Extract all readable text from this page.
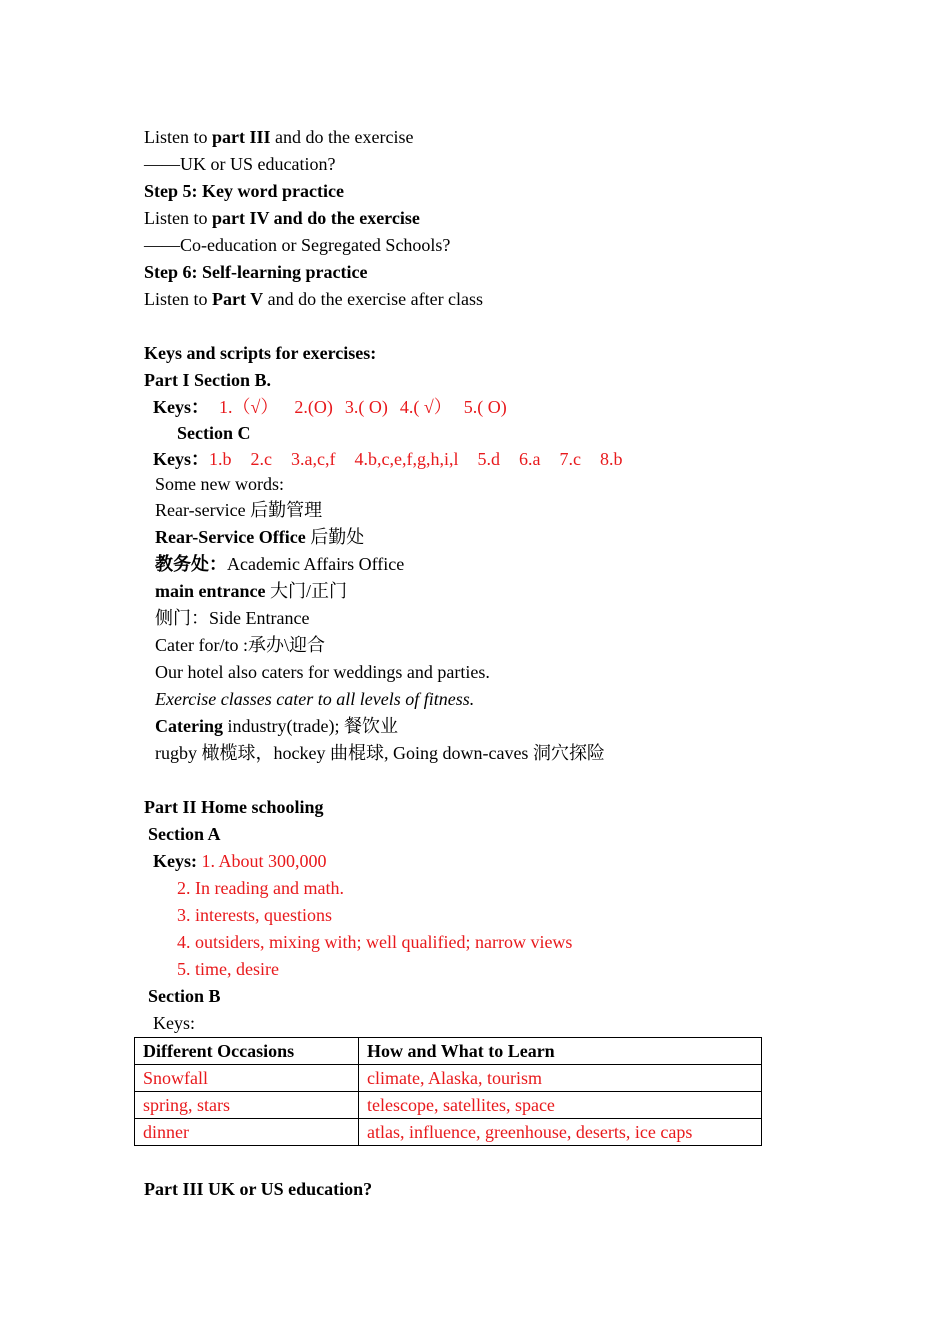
Listen to part III and do the exercise
——UK or US education?
Step 5: Key word practice
Listen to part IV and do the exercise
——Co-education or Segregated Schools?
Step 6: Self-learning practice
Listen to Part V and do the exercise after class
Keys and scripts for exercises:
Part I Section B.
Keys： 1.（√） 2.(O) 3.( O) 4.( √） 5.( O)
Section C
Keys：1.b 2.c 3.a,c,f 4.b,c,e,f,g,h,i,l 5.d 6.a 7.c 8.b
Some new words:
Rear-service 后勤管理
Rear-Service Office 后勤处
教务处：Academic Affairs Office
main entrance 大门/正门
侧门：Side Entrance
Cater for/to :承办\迎合
Our hotel also caters for weddings and parties.
Exercise classes cater to all levels of fitness.
Catering industry(trade); 餐饮业
rugby 橄榄球，hockey 曲棍球, Going down-caves 洞穴探险
Part II Home schooling
Section A
Keys: 1. About 300,000
2. In reading and math.
3. interests, questions
4. outsiders, mixing with; well qualified; narrow views
5. time, desire
Section B
Keys:
Different Occasions	How and What to Learn
Snowfall	climate, Alaska, tourism
spring, stars	telescope, satellites, space
dinner	atlas, influence, greenhouse, deserts, ice caps
Part III UK or US education?
